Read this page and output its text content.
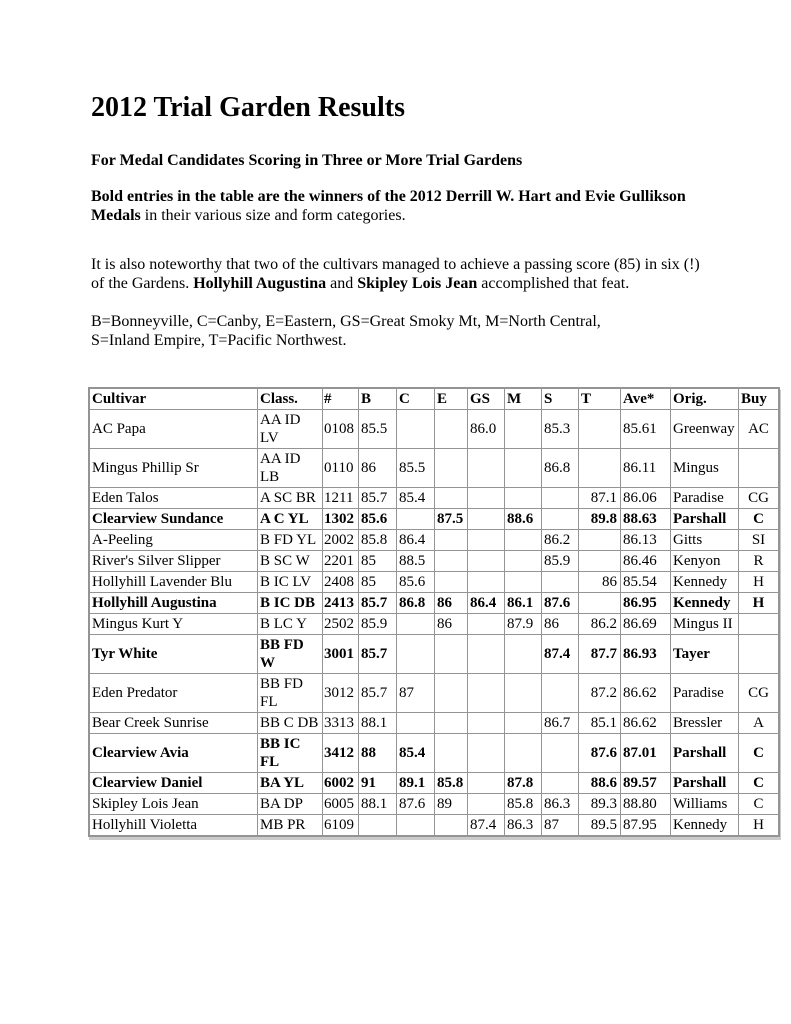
2012 Trial Garden Results
For Medal Candidates Scoring in Three or More Trial Gardens
Bold entries in the table are the winners of the 2012 Derrill W. Hart and Evie Gullikson
Medals in their various size and form categories.
It is also noteworthy that two of the cultivars managed to achieve a passing score (85) in six (!)
of the Gardens. Hollyhill Augustina and Skipley Lois Jean accomplished that feat.
B=Bonneyville, C=Canby, E=Eastern, GS=Great Smoky Mt, M=North Central,
S=Inland Empire, T=Pacific Northwest.
Cultivar	Class.	#	B	C	E	GS	M	S	T	Ave*	Orig.	Buy
AC Papa	AA ID LV	0108	85.5			86.0		85.3		85.61	Greenway	AC
Mingus Phillip Sr	AA ID LB	0110	86	85.5				86.8		86.11	Mingus	
Eden Talos	A SC BR	1211	85.7	85.4					87.1	86.06	Paradise	CG
Clearview Sundance	A C YL	1302	85.6		87.5		88.6		89.8	88.63	Parshall	C
A-Peeling	B FD YL	2002	85.8	86.4				86.2		86.13	Gitts	SI
River's Silver Slipper	B SC W	2201	85	88.5				85.9		86.46	Kenyon	R
Hollyhill Lavender Blu	B IC LV	2408	85	85.6					86	85.54	Kennedy	H
Hollyhill Augustina	B IC DB	2413	85.7	86.8	86	86.4	86.1	87.6		86.95	Kennedy	H
Mingus Kurt Y	B LC Y	2502	85.9		86		87.9	86	86.2	86.69	Mingus II	
Tyr White	BB FD W	3001	85.7					87.4	87.7	86.93	Tayer	
Eden Predator	BB FD FL	3012	85.7	87					87.2	86.62	Paradise	CG
Bear Creek Sunrise	BB C DB	3313	88.1					86.7	85.1	86.62	Bressler	A
Clearview Avia	BB IC FL	3412	88	85.4					87.6	87.01	Parshall	C
Clearview Daniel	BA YL	6002	91	89.1	85.8		87.8		88.6	89.57	Parshall	C
Skipley Lois Jean	BA DP	6005	88.1	87.6	89		85.8	86.3	89.3	88.80	Williams	C
Hollyhill Violetta	MB PR	6109				87.4	86.3	87	89.5	87.95	Kennedy	H
